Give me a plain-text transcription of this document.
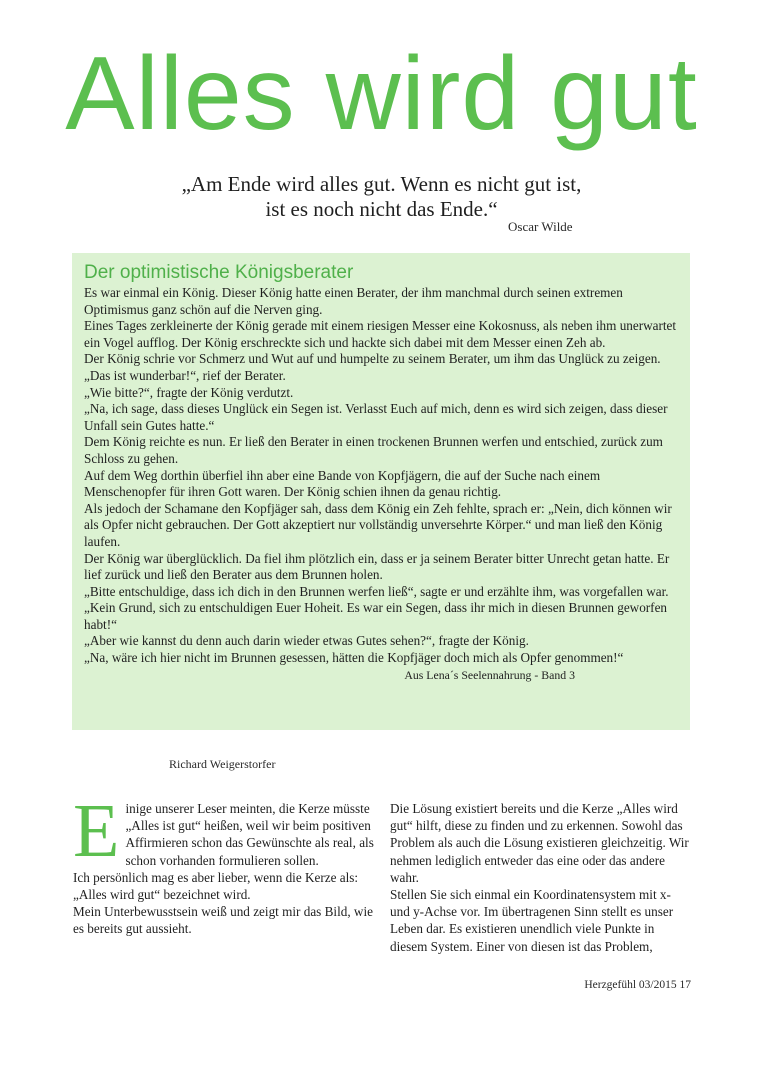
Alles wird gut
„Am Ende wird alles gut. Wenn es nicht gut ist,
ist es noch nicht das Ende.“
Oscar Wilde
Der optimistische Königsberater

Es war einmal ein König. Dieser König hatte einen Berater, der ihm manchmal durch seinen extremen Optimismus ganz schön auf die Nerven ging.

Eines Tages zerkleinerte der König gerade mit einem riesigen Messer eine Kokosnuss, als neben ihm unerwartet ein Vogel aufflog. Der König erschreckte sich und hackte sich dabei mit dem Messer einen Zeh ab.

Der König schrie vor Schmerz und Wut auf und humpelte zu seinem Berater, um ihm das Unglück zu zeigen.

„Das ist wunderbar!“, rief der Berater.

„Wie bitte?“, fragte der König verdutzt.

„Na, ich sage, dass dieses Unglück ein Segen ist. Verlasst Euch auf mich, denn es wird sich zeigen, dass dieser Unfall sein Gutes hatte.“

Dem König reichte es nun. Er ließ den Berater in einen trockenen Brunnen werfen und entschied, zurück zum Schloss zu gehen.

Auf dem Weg dorthin überfiel ihn aber eine Bande von Kopfjägern, die auf der Suche nach einem Menschenopfer für ihren Gott waren. Der König schien ihnen da genau richtig.

Als jedoch der Schamane den Kopfjäger sah, dass dem König ein Zeh fehlte, sprach er: „Nein, dich können wir als Opfer nicht gebrauchen. Der Gott akzeptiert nur vollständig unversehrte Körper.“ und man ließ den König laufen.

Der König war überglücklich. Da fiel ihm plötzlich ein, dass er ja seinem Berater bitter Unrecht getan hatte. Er lief zurück und ließ den Berater aus dem Brunnen holen.

„Bitte entschuldige, dass ich dich in den Brunnen werfen ließ“, sagte er und erzählte ihm, was vorgefallen war.

„Kein Grund, sich zu entschuldigen Euer Hoheit. Es war ein Segen, dass ihr mich in diesen Brunnen geworfen habt!“

„Aber wie kannst du denn auch darin wieder etwas Gutes sehen?“, fragte der König.

„Na, wäre ich hier nicht im Brunnen gesessen, hätten die Kopfjäger doch mich als Opfer genommen!“

Aus Lena´s Seelennahrung - Band 3

Richard Weigerstorfer
E inige unserer Leser meinten, die Kerze müsste „Alles ist gut“ heißen, weil wir beim positiven Affirmieren schon das Gewünschte als real, als schon vorhanden formulieren sollen.

Ich persönlich mag es aber lieber, wenn die Kerze als: „Alles wird gut“ bezeichnet wird.

Mein Unterbewusstsein weiß und zeigt mir das Bild, wie es bereits gut aussieht.

Die Lösung existiert bereits und die Kerze „Alles wird gut“ hilft, diese zu finden und zu erkennen. Sowohl das Problem als auch die Lösung existieren gleichzeitig. Wir nehmen lediglich entweder das eine oder das andere wahr.

Stellen Sie sich einmal ein Koordinatensystem mit x- und y-Achse vor. Im übertragenen Sinn stellt es unser Leben dar. Es existieren unendlich viele Punkte in diesem System. Einer von diesen ist das Problem,

Herzgefühl 03/2015 17
